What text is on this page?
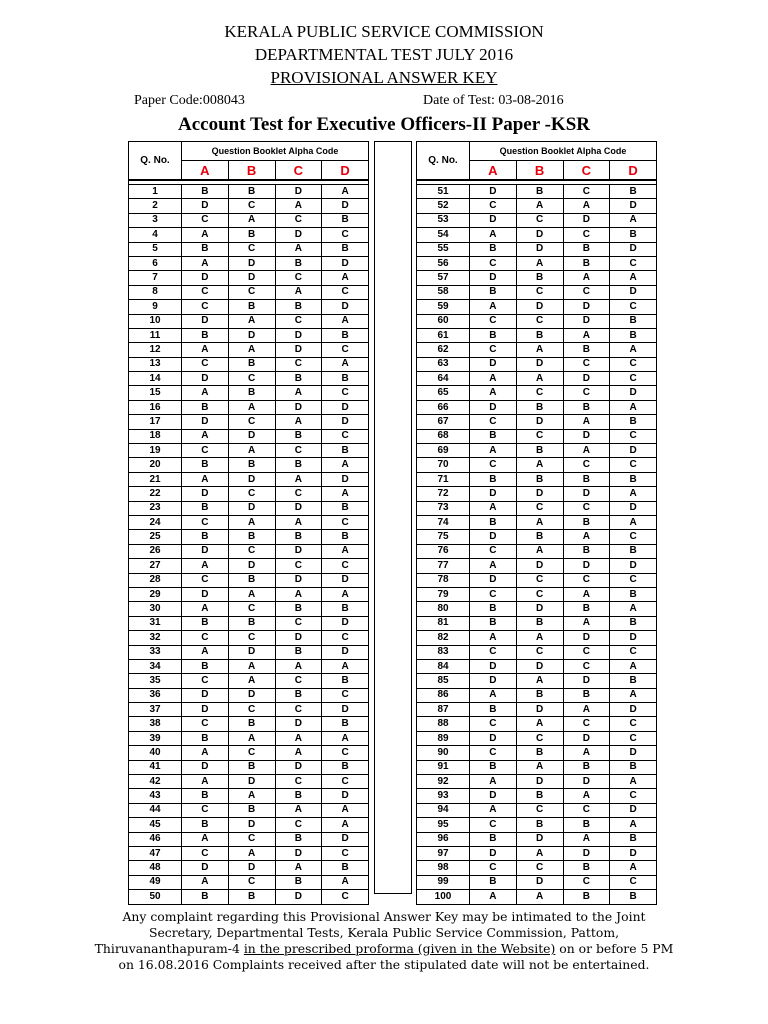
KERALA PUBLIC SERVICE COMMISSION
DEPARTMENTAL TEST JULY 2016
PROVISIONAL ANSWER KEY
Paper Code:008043	Date of Test: 03-08-2016
Account Test for Executive Officers-II Paper -KSR
Q. No.	Question Booklet Alpha Code			
	A	B	C	D

1	B	B	D	A
2	D	C	A	D
3	C	A	C	B
4	A	B	D	C
5	B	C	A	B
6	A	D	B	D
7	D	D	C	A
8	C	C	A	C
9	C	B	B	D
10	D	A	C	A
11	B	D	D	B
12	A	A	D	C
13	C	B	C	A
14	D	C	B	B
15	A	B	A	C
16	B	A	D	D
17	D	C	A	D
18	A	D	B	C
19	C	A	C	B
20	B	B	B	A
21	A	D	A	D
22	D	C	C	A
23	B	D	D	B
24	C	A	A	C
25	B	B	B	B
26	D	C	D	A
27	A	D	C	C
28	C	B	D	D
29	D	A	A	A
30	A	C	B	B
31	B	B	C	D
32	C	C	D	C
33	A	D	B	D
34	B	A	A	A
35	C	A	C	B
36	D	D	B	C
37	D	C	C	D
38	C	B	D	B
39	B	A	A	A
40	A	C	A	C
41	D	B	D	B
42	A	D	C	C
43	B	A	B	D
44	C	B	A	A
45	B	D	C	A
46	A	C	B	D
47	C	A	D	C
48	D	D	A	B
49	A	C	B	A
50	B	B	D	C
Q. No.	Question Booklet Alpha Code			
	A	B	C	D

51	D	B	C	B
52	C	A	A	D
53	D	C	D	A
54	A	D	C	B
55	B	D	B	D
56	C	A	B	C
57	D	B	A	A
58	B	C	C	D
59	A	D	D	C
60	C	C	D	B
61	B	B	A	B
62	C	A	B	A
63	D	D	C	C
64	A	A	D	C
65	A	C	C	D
66	D	B	B	A
67	C	D	A	B
68	B	C	D	C
69	A	B	A	D
70	C	A	C	C
71	B	B	B	B
72	D	D	D	A
73	A	C	C	D
74	B	A	B	A
75	D	B	A	C
76	C	A	B	B
77	A	D	D	D
78	D	C	C	C
79	C	C	A	B
80	B	D	B	A
81	B	B	A	B
82	A	A	D	D
83	C	C	C	C
84	D	D	C	A
85	D	A	D	B
86	A	B	B	A
87	B	D	A	D
88	C	A	C	C
89	D	C	D	C
90	C	B	A	D
91	B	A	B	B
92	A	D	D	A
93	D	B	A	C
94	A	C	C	D
95	C	B	B	A
96	B	D	A	B
97	D	A	D	D
98	C	C	B	A
99	B	D	C	C
100	A	A	B	B
Any complaint regarding this Provisional Answer Key may be intimated to the Joint Secretary, Departmental Tests, Kerala Public Service Commission, Pattom, Thiruvananthapuram-4 in the prescribed proforma (given in the Website) on or before 5 PM on 16.08.2016 Complaints received after the stipulated date will not be entertained.
